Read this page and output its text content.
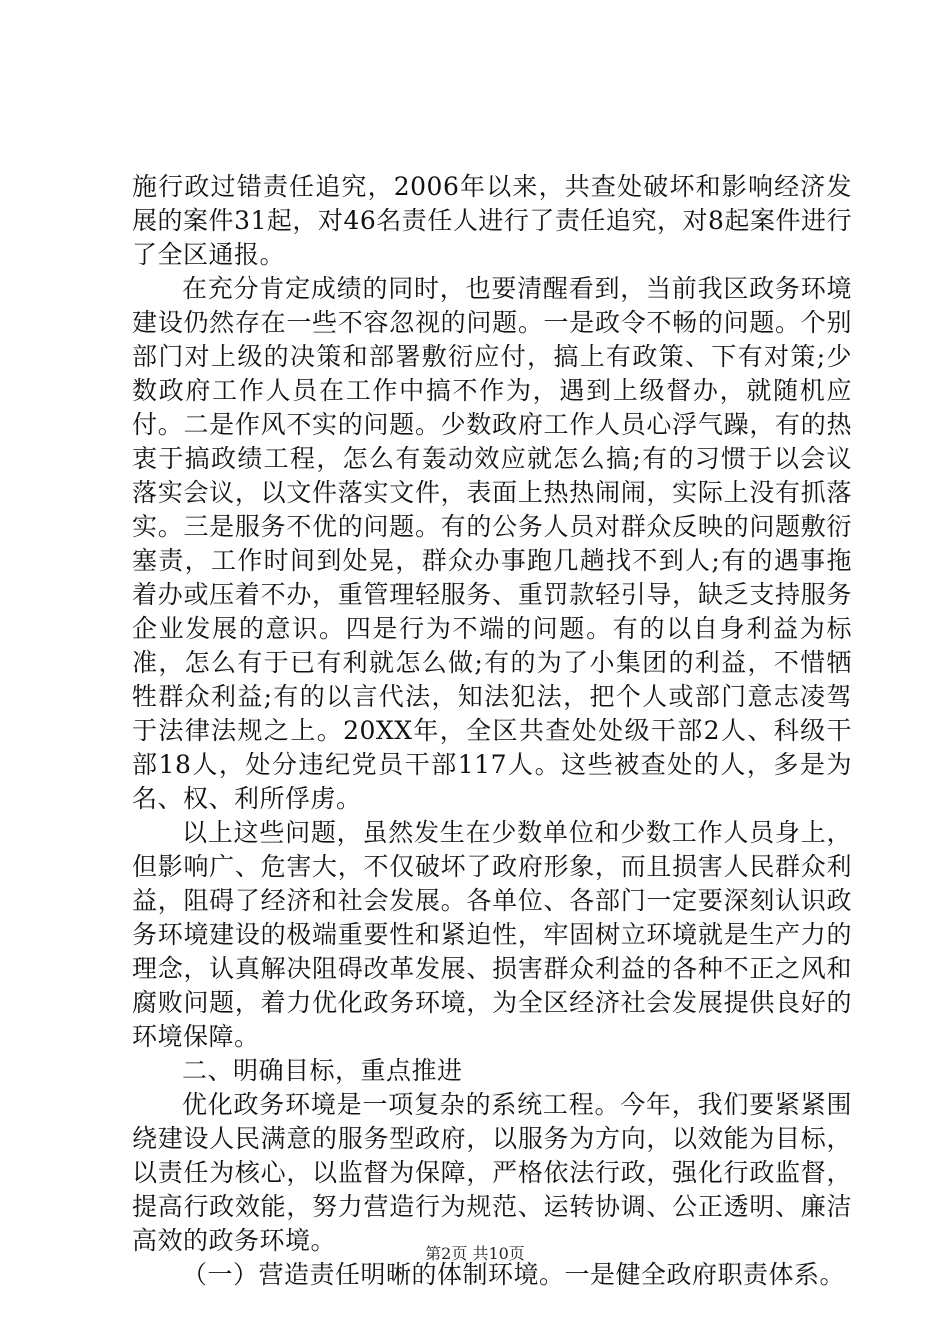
施行政过错责任追究，2006年以来，共查处破坏和影响经济发展的案件31起，对46名责任人进行了责任追究，对8起案件进行了全区通报。

在充分肯定成绩的同时，也要清醒看到，当前我区政务环境建设仍然存在一些不容忽视的问题。一是政令不畅的问题。个别部门对上级的决策和部署敷衍应付，搞上有政策、下有对策;少数政府工作人员在工作中搞不作为，遇到上级督办，就随机应付。二是作风不实的问题。少数政府工作人员心浮气躁，有的热衷于搞政绩工程，怎么有轰动效应就怎么搞;有的习惯于以会议落实会议，以文件落实文件，表面上热热闹闹，实际上没有抓落实。三是服务不优的问题。有的公务人员对群众反映的问题敷衍塞责，工作时间到处晃，群众办事跑几趟找不到人;有的遇事拖着办或压着不办，重管理轻服务、重罚款轻引导，缺乏支持服务企业发展的意识。四是行为不端的问题。有的以自身利益为标准，怎么有于已有利就怎么做;有的为了小集团的利益，不惜牺牲群众利益;有的以言代法，知法犯法，把个人或部门意志凌驾于法律法规之上。20XX年，全区共查处处级干部2人、科级干部18人，处分违纪党员干部117人。这些被查处的人，多是为名、权、利所俘虏。

以上这些问题，虽然发生在少数单位和少数工作人员身上，但影响广、危害大，不仅破坏了政府形象，而且损害人民群众利益，阻碍了经济和社会发展。各单位、各部门一定要深刻认识政务环境建设的极端重要性和紧迫性，牢固树立环境就是生产力的理念，认真解决阻碍改革发展、损害群众利益的各种不正之风和腐败问题，着力优化政务环境，为全区经济社会发展提供良好的环境保障。

二、明确目标，重点推进

优化政务环境是一项复杂的系统工程。今年，我们要紧紧围绕建设人民满意的服务型政府，以服务为方向，以效能为目标，以责任为核心，以监督为保障，严格依法行政，强化行政监督，提高行政效能，努力营造行为规范、运转协调、公正透明、廉洁高效的政务环境。

（一）营造责任明晰的体制环境。一是健全政府职责体系。

第2页 共10页
